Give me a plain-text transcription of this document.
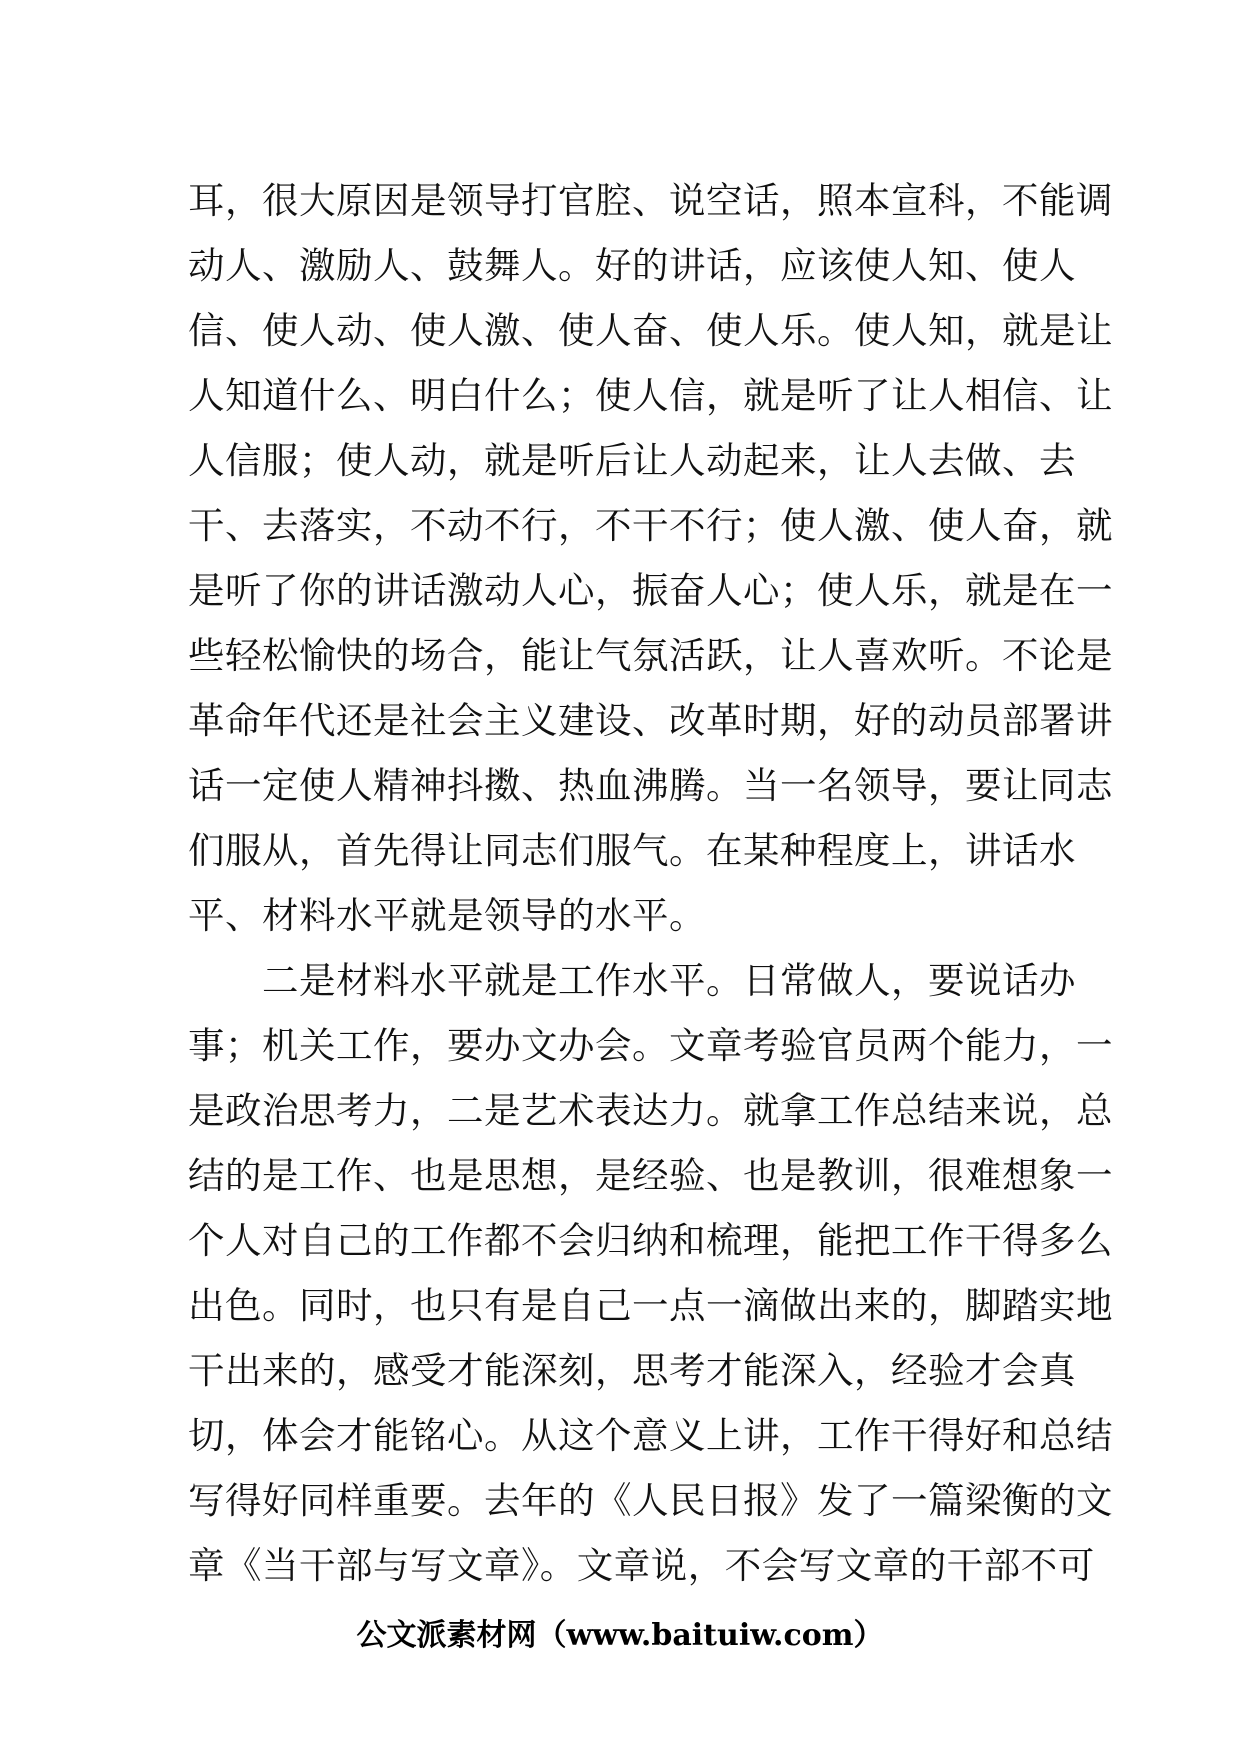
耳，很大原因是领导打官腔、说空话，照本宣科，不能调
动人、激励人、鼓舞人。好的讲话，应该使人知、使人
信、使人动、使人激、使人奋、使人乐。使人知，就是让
人知道什么、明白什么；使人信，就是听了让人相信、让
人信服；使人动，就是听后让人动起来，让人去做、去
干、去落实，不动不行，不干不行；使人激、使人奋，就
是听了你的讲话激动人心，振奋人心；使人乐，就是在一
些轻松愉快的场合，能让气氛活跃，让人喜欢听。不论是
革命年代还是社会主义建设、改革时期，好的动员部署讲
话一定使人精神抖擞、热血沸腾。当一名领导，要让同志
们服从，首先得让同志们服气。在某种程度上，讲话水
平、材料水平就是领导的水平。
　　二是材料水平就是工作水平。日常做人，要说话办
事；机关工作，要办文办会。文章考验官员两个能力，一
是政治思考力，二是艺术表达力。就拿工作总结来说，总
结的是工作、也是思想，是经验、也是教训，很难想象一
个人对自己的工作都不会归纳和梳理，能把工作干得多么
出色。同时，也只有是自己一点一滴做出来的，脚踏实地
干出来的，感受才能深刻，思考才能深入，经验才会真
切，体会才能铭心。从这个意义上讲，工作干得好和总结
写得好同样重要。去年的《人民日报》发了一篇梁衡的文
章《当干部与写文章》。文章说，不会写文章的干部不可
公文派素材网（www.baituiw.com）
